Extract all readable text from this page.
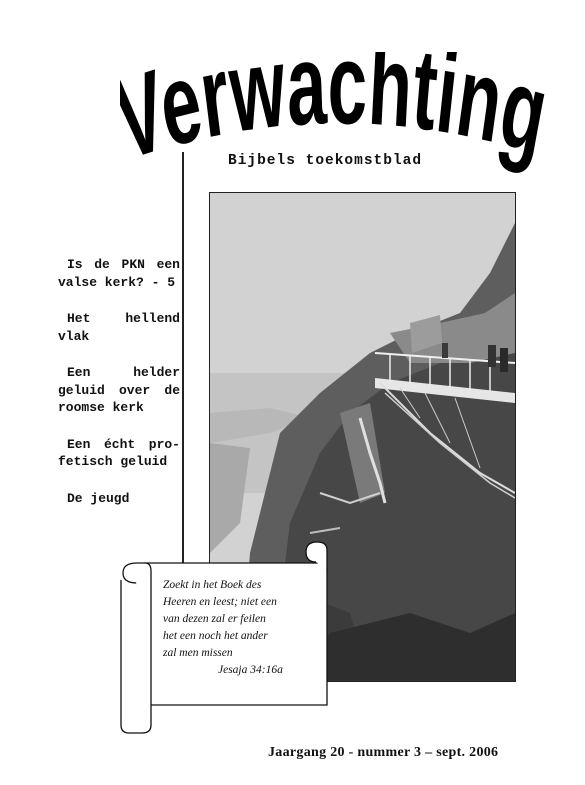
erwachtin
Bijbels toekomstblad
Is de PKN een valse kerk? - 5
Het hellend vlak
Een helder geluid over de roomse kerk
Een écht pro- fetisch geluid
De jeugd
Zoekt in het Boek des
Heeren en leest; niet een
van dezen zal er feilen
het een noch het ander
zal men missen

Jesaja 34:16a
Jaargang 20 - nummer 3 – sept. 2006
